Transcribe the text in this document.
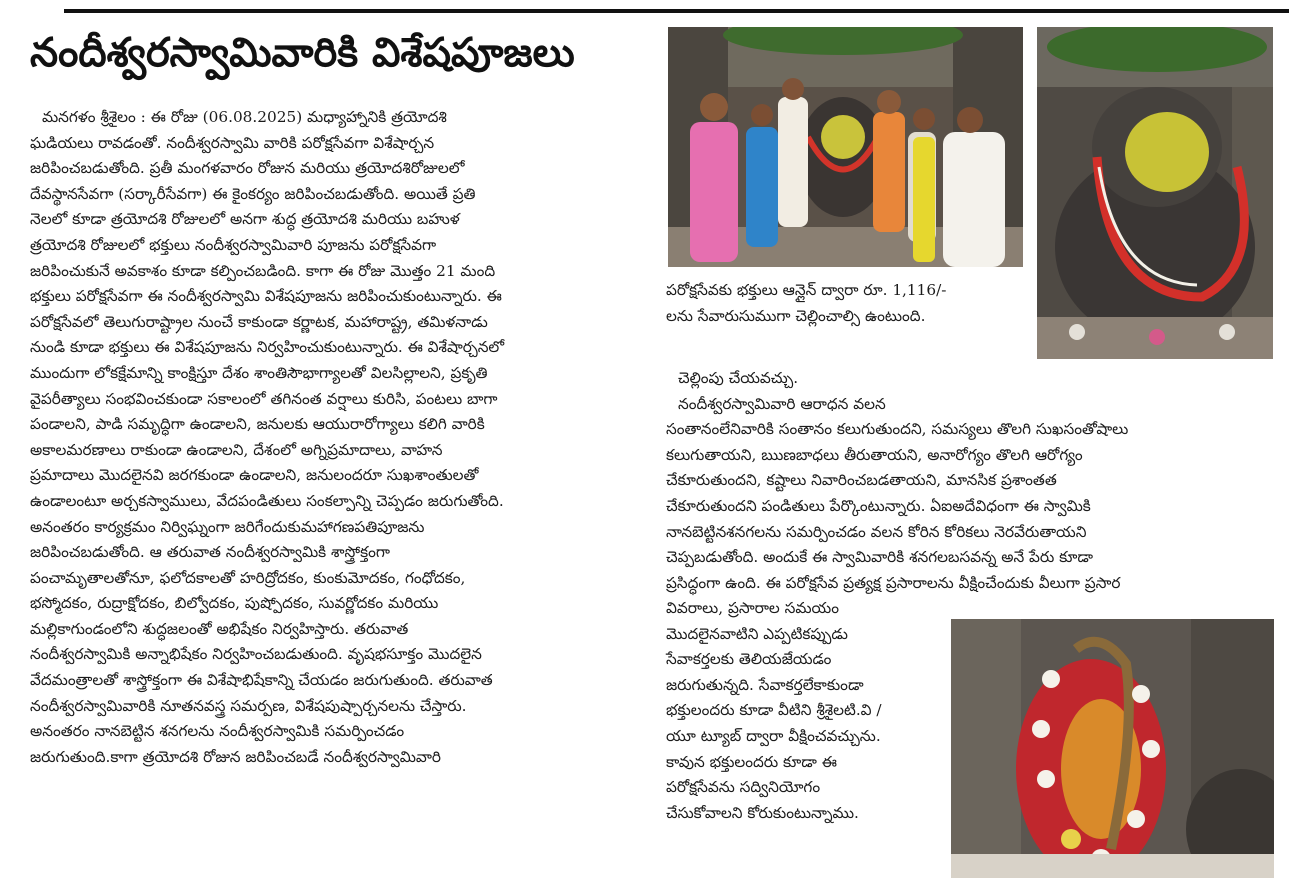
నందీశ్వరస్వామివారికి విశేషపూజలు

మనగళం శ్రీశైలం : ఈ రోజు (06.08.2025) మధ్యాహ్నానికి త్రయోదశి

ఘడియలు రావడంతో. నందీశ్వరస్వామి వారికి పరోక్షసేవగా విశేషార్చన

జరిపించబడుతోంది. ప్రతీ మంగళవారం రోజున మరియు త్రయోదశిరోజులలో

దేవస్థానసేవగా (సర్కారీసేవగా) ఈ కైంకర్యం జరిపించబడుతోంది. అయితే ప్రతి

నెలలో కూడా త్రయోదశి రోజులలో అనగా శుద్ధ త్రయోదశి మరియు బహుళ

త్రయోదశి రోజులలో భక్తులు నందీశ్వరస్వామివారి పూజను పరోక్షసేవగా

జరిపించుకునే అవకాశం కూడా కల్పించబడింది. కాగా ఈ రోజు మొత్తం 21 మంది

భక్తులు పరోక్షసేవగా ఈ నందీశ్వరస్వామి విశేషపూజను జరిపించుకుంటున్నారు. ఈ

పరోక్షసేవలో తెలుగురాష్ట్రాల నుంచే కాకుండా కర్ణాటక, మహారాష్ట్ర, తమిళనాడు

నుండి కూడా భక్తులు ఈ విశేషపూజను నిర్వహించుకుంటున్నారు. ఈ విశేషార్చనలో

ముందుగా లోకక్షేమాన్ని కాంక్షిస్తూ దేశం శాంతిసౌభాగ్యాలతో విలసిల్లాలని, ప్రకృతి

వైపరీత్యాలు సంభవించకుండా సకాలంలో తగినంత వర్షాలు కురిసి, పంటలు బాగా

పండాలని, పాడి సమృద్ధిగా ఉండాలని, జనులకు ఆయురారోగ్యాలు కలిగి వారికి

అకాలమరణాలు రాకుండా ఉండాలని, దేశంలో అగ్నిప్రమాదాలు, వాహన

ప్రమాదాలు మొదలైనవి జరగకుండా ఉండాలని, జనులందరూ సుఖశాంతులతో

ఉండాలంటూ అర్చకస్వాములు, వేదపండితులు సంకల్పాన్ని చెప్పడం జరుగుతోంది.

అనంతరం కార్యక్రమం నిర్విఘ్నంగా జరిగేందుకుమహాగణపతిపూజను

జరిపించబడుతోంది. ఆ తరువాత నందీశ్వరస్వామికి శాస్త్రోక్తంగా

పంచామృతాలతోనూ, ఫలోదకాలతో హరిద్రోదకం, కుంకుమోదకం, గంధోదకం,

భస్మోదకం, రుద్రాక్షోదకం, బిల్వోదకం, పుష్పోదకం, సువర్ణోదకం మరియు

మల్లికాగుండంలోని శుద్ధజలంతో అభిషేకం నిర్వహిస్తారు. తరువాత

నందీశ్వరస్వామికి అన్నాభిషేకం నిర్వహించబడుతుంది. వృషభసూక్తం మొదలైన

వేదమంత్రాలతో శాస్త్రోక్తంగా ఈ విశేషాభిషేకాన్ని చేయడం జరుగుతుంది. తరువాత

నందీశ్వరస్వామివారికి నూతనవస్త్ర సమర్పణ, విశేషపుష్పార్చనలను చేస్తారు.

అనంతరం నానబెట్టిన శనగలను నందీశ్వరస్వామికి సమర్పించడం

జరుగుతుంది.కాగా త్రయోదశి రోజున జరిపించబడే నందీశ్వరస్వామివారి

పరోక్షసేవకు భక్తులు ఆన్లైన్ ద్వారా రూ. 1,116/-

లను సేవారుసుముగా చెల్లించాల్సి ఉంటుంది.

చెల్లింపు చేయవచ్చు.

నందీశ్వరస్వామివారి ఆరాధన వలన

సంతానంలేనివారికి సంతానం కలుగుతుందని, సమస్యలు తొలగి సుఖసంతోషాలు

కలుగుతాయని, ఋణబాధలు తీరుతాయని, అనారోగ్యం తొలగి ఆరోగ్యం

చేకూరుతుందని, కష్టాలు నివారించబడతాయని, మానసిక ప్రశాంతత

చేకూరుతుందని పండితులు పేర్కొంటున్నారు. ఏఐఅదేవిధంగా ఈ స్వామికి

నానబెట్టినశనగలను సమర్పించడం వలన కోరిన కోరికలు నెరవేరుతాయని

చెప్పబడుతోంది. అందుకే ఈ స్వామివారికి శనగలబసవన్న అనే పేరు కూడా

ప్రసిద్ధంగా ఉంది. ఈ పరోక్షసేవ ప్రత్యక్ష ప్రసారాలను వీక్షించేందుకు వీలుగా ప్రసార

వివరాలు, ప్రసారాల సమయం

మొదలైనవాటిని ఎప్పటికప్పుడు

సేవాకర్తలకు తెలియజేయడం

జరుగుతున్నది. సేవాకర్తలేకాకుండా

భక్తులందరు కూడా వీటిని శ్రీశైలటి.వి /

యూ ట్యూబ్ ద్వారా వీక్షించవచ్చును.

కావున భక్తులందరు కూడా ఈ

పరోక్షసేవను సద్వినియోగం

చేసుకోవాలని కోరుకుంటున్నాము.
